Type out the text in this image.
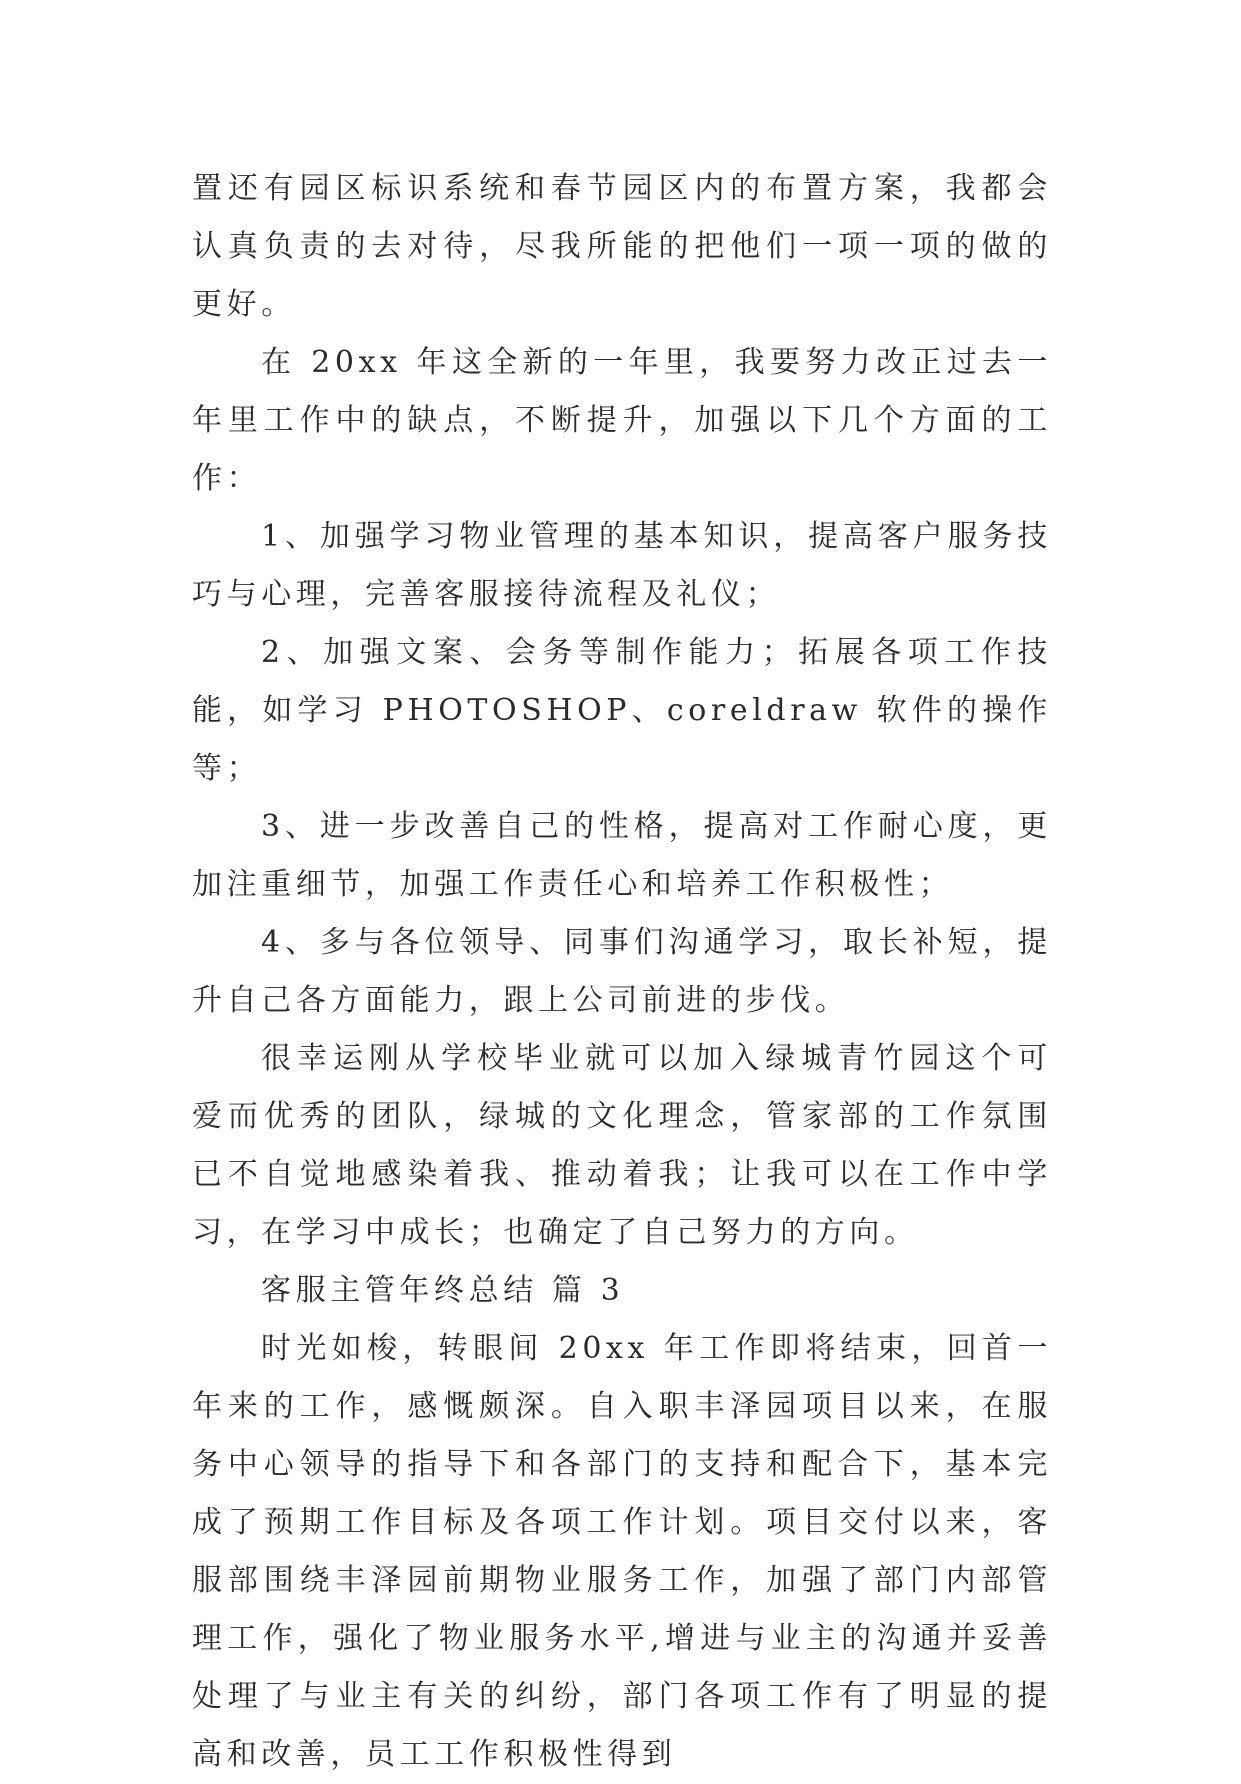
置还有园区标识系统和春节园区内的布置方案，我都会认真负责的去对待，尽我所能的把他们一项一项的做的更好。

在 20xx 年这全新的一年里，我要努力改正过去一年里工作中的缺点，不断提升，加强以下几个方面的工作：

1、加强学习物业管理的基本知识，提高客户服务技巧与心理，完善客服接待流程及礼仪；

2、加强文案、会务等制作能力；拓展各项工作技能，如学习 PHOTOSHOP、coreldraw 软件的操作等；

3、进一步改善自己的性格，提高对工作耐心度，更加注重细节，加强工作责任心和培养工作积极性；

4、多与各位领导、同事们沟通学习，取长补短，提升自己各方面能力，跟上公司前进的步伐。

很幸运刚从学校毕业就可以加入绿城青竹园这个可爱而优秀的团队，绿城的文化理念，管家部的工作氛围已不自觉地感染着我、推动着我；让我可以在工作中学习，在学习中成长；也确定了自己努力的方向。

客服主管年终总结 篇 3

时光如梭，转眼间 20xx 年工作即将结束，回首一年来的工作，感慨颇深。自入职丰泽园项目以来，在服务中心领导的指导下和各部门的支持和配合下，基本完成了预期工作目标及各项工作计划。项目交付以来，客服部围绕丰泽园前期物业服务工作，加强了部门内部管理工作，强化了物业服务水平,增进与业主的沟通并妥善处理了与业主有关的纠纷，部门各项工作有了明显的提高和改善，员工工作积极性得到
